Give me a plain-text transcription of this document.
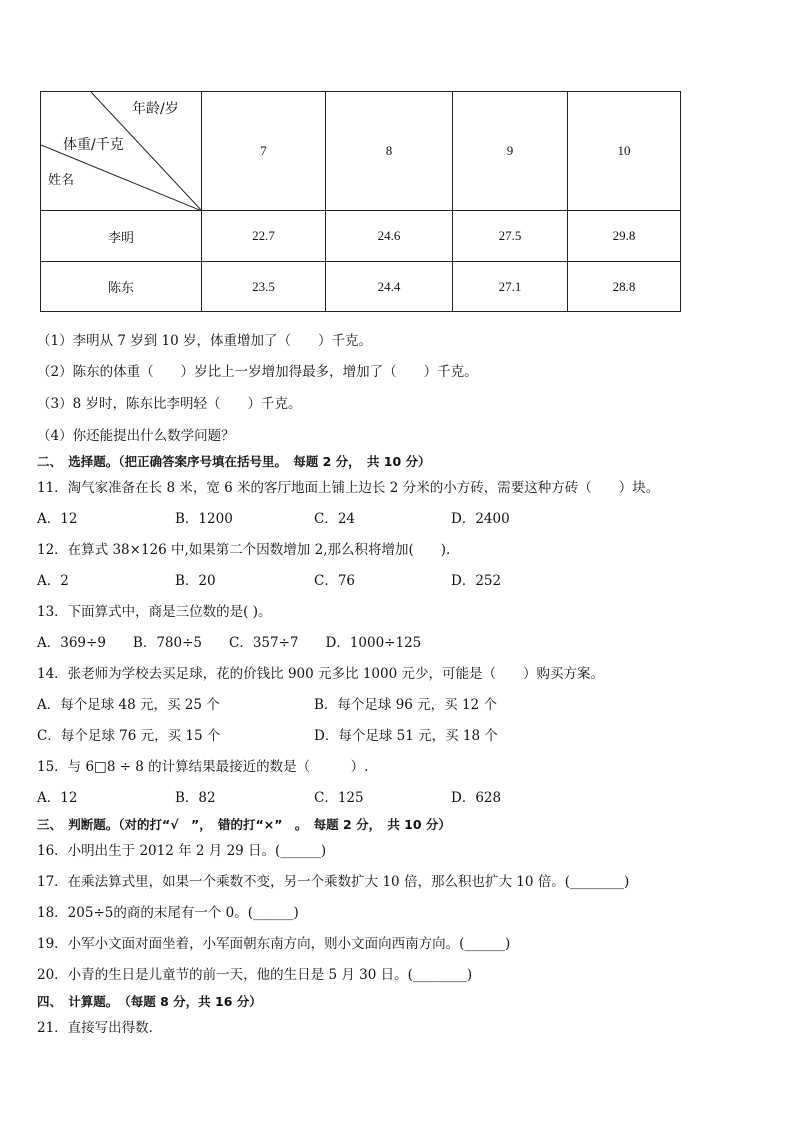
年龄/岁
体重/千克
姓名	7	8	9	10
李明	22.7	24.6	27.5	29.8
陈东	23.5	24.4	27.1	28.8
（1）李明从 7 岁到 10 岁，体重增加了（　　）千克。
（2）陈东的体重（　　）岁比上一岁增加得最多，增加了（　　）千克。
（3）8 岁时，陈东比李明轻（　　）千克。
（4）你还能提出什么数学问题？
二、　选择题。（把正确答案序号填在括号里。　每题 2 分，　共 10 分）
11．淘气家准备在长 8 米，宽 6 米的客厅地面上铺上边长 2 分米的小方砖，需要这种方砖（　　）块。
A．12	B．1200	C．24	D．2400
12．在算式 38×126 中,如果第二个因数增加 2,那么积将增加(　　).
A．2	B．20	C．76	D．252
13．下面算式中，商是三位数的是( )。
A．369÷9　　B．780÷5　　C．357÷7　　D．1000÷125
14．张老师为学校去买足球，花的价钱比 900 元多比 1000 元少，可能是（　　）购买方案。
A．每个足球 48 元，买 25 个	B．每个足球 96 元，买 12 个
C．每个足球 76 元，买 15 个	D．每个足球 51 元，买 18 个
15．与 6□8 ÷ 8 的计算结果最接近的数是（　　　）.
A．12	B．82	C．125	D．628
三、　判断题。（对的打“√　”，　错的打“×”　。　每题 2 分，　共 10 分）
16．小明出生于 2012 年 2 月 29 日。(______)
17．在乘法算式里，如果一个乘数不变，另一个乘数扩大 10 倍，那么积也扩大 10 倍。(________)
18．205÷5的商的末尾有一个 0。(______)
19．小军小文面对面坐着，小军面朝东南方向，则小文面向西南方向。(______)
20．小青的生日是儿童节的前一天，他的生日是 5 月 30 日。(________)
四、　计算题。　（每题 8 分，共 16 分）
21．直接写出得数．
